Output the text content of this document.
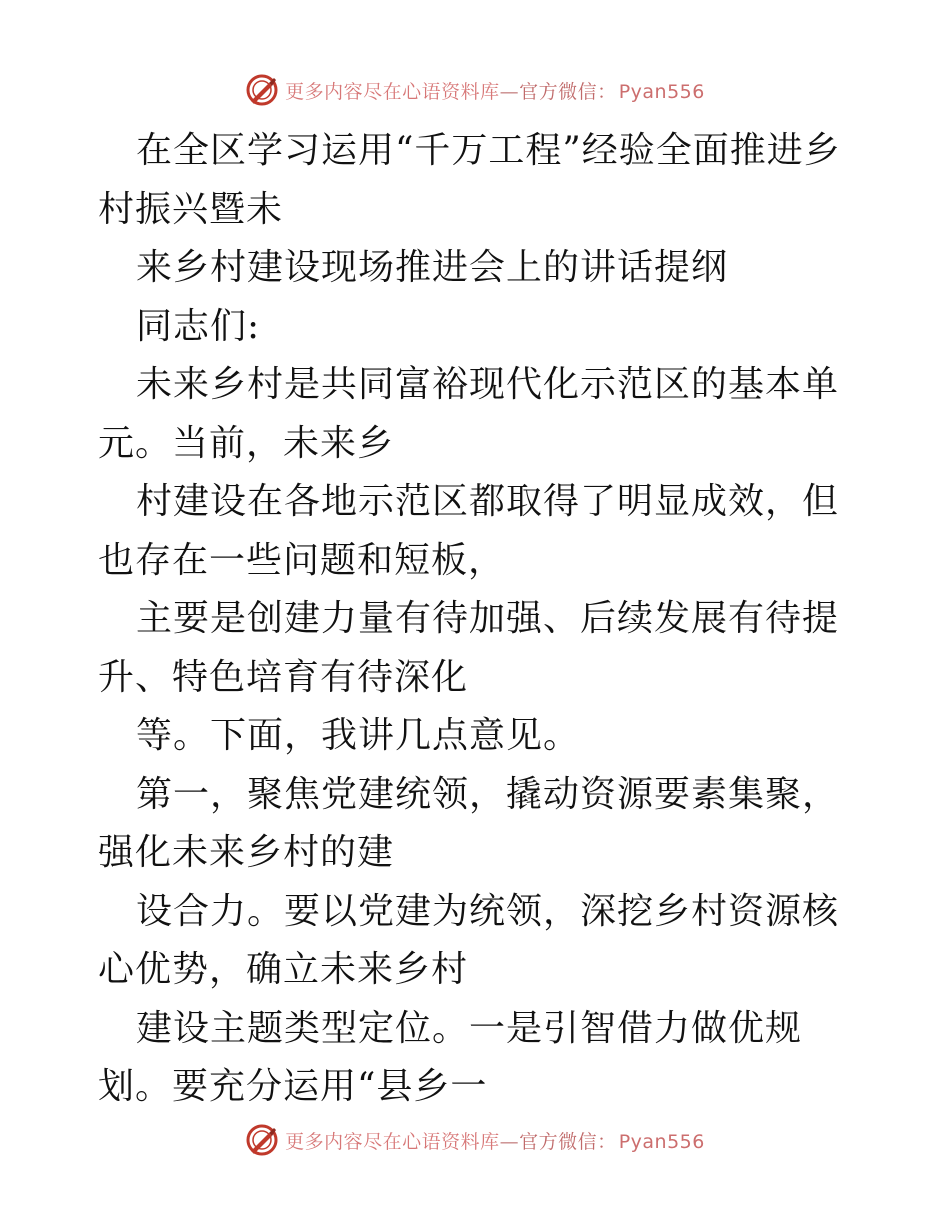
更多内容尽在心语资料库—官方微信： Pyan556

在全区学习运用“千万工程”经验全面推进乡村振兴暨未

来乡村建设现场推进会上的讲话提纲

同志们:

未来乡村是共同富裕现代化示范区的基本单元。当前，未来乡

村建设在各地示范区都取得了明显成效，但也存在一些问题和短板，

主要是创建力量有待加强、后续发展有待提升、特色培育有待深化

等。下面，我讲几点意见。

第一，聚焦党建统领，撬动资源要素集聚，强化未来乡村的建

设合力。要以党建为统领，深挖乡村资源核心优势，确立未来乡村

建设主题类型定位。一是引智借力做优规划。要充分运用“县乡一

更多内容尽在心语资料库—官方微信： Pyan556
